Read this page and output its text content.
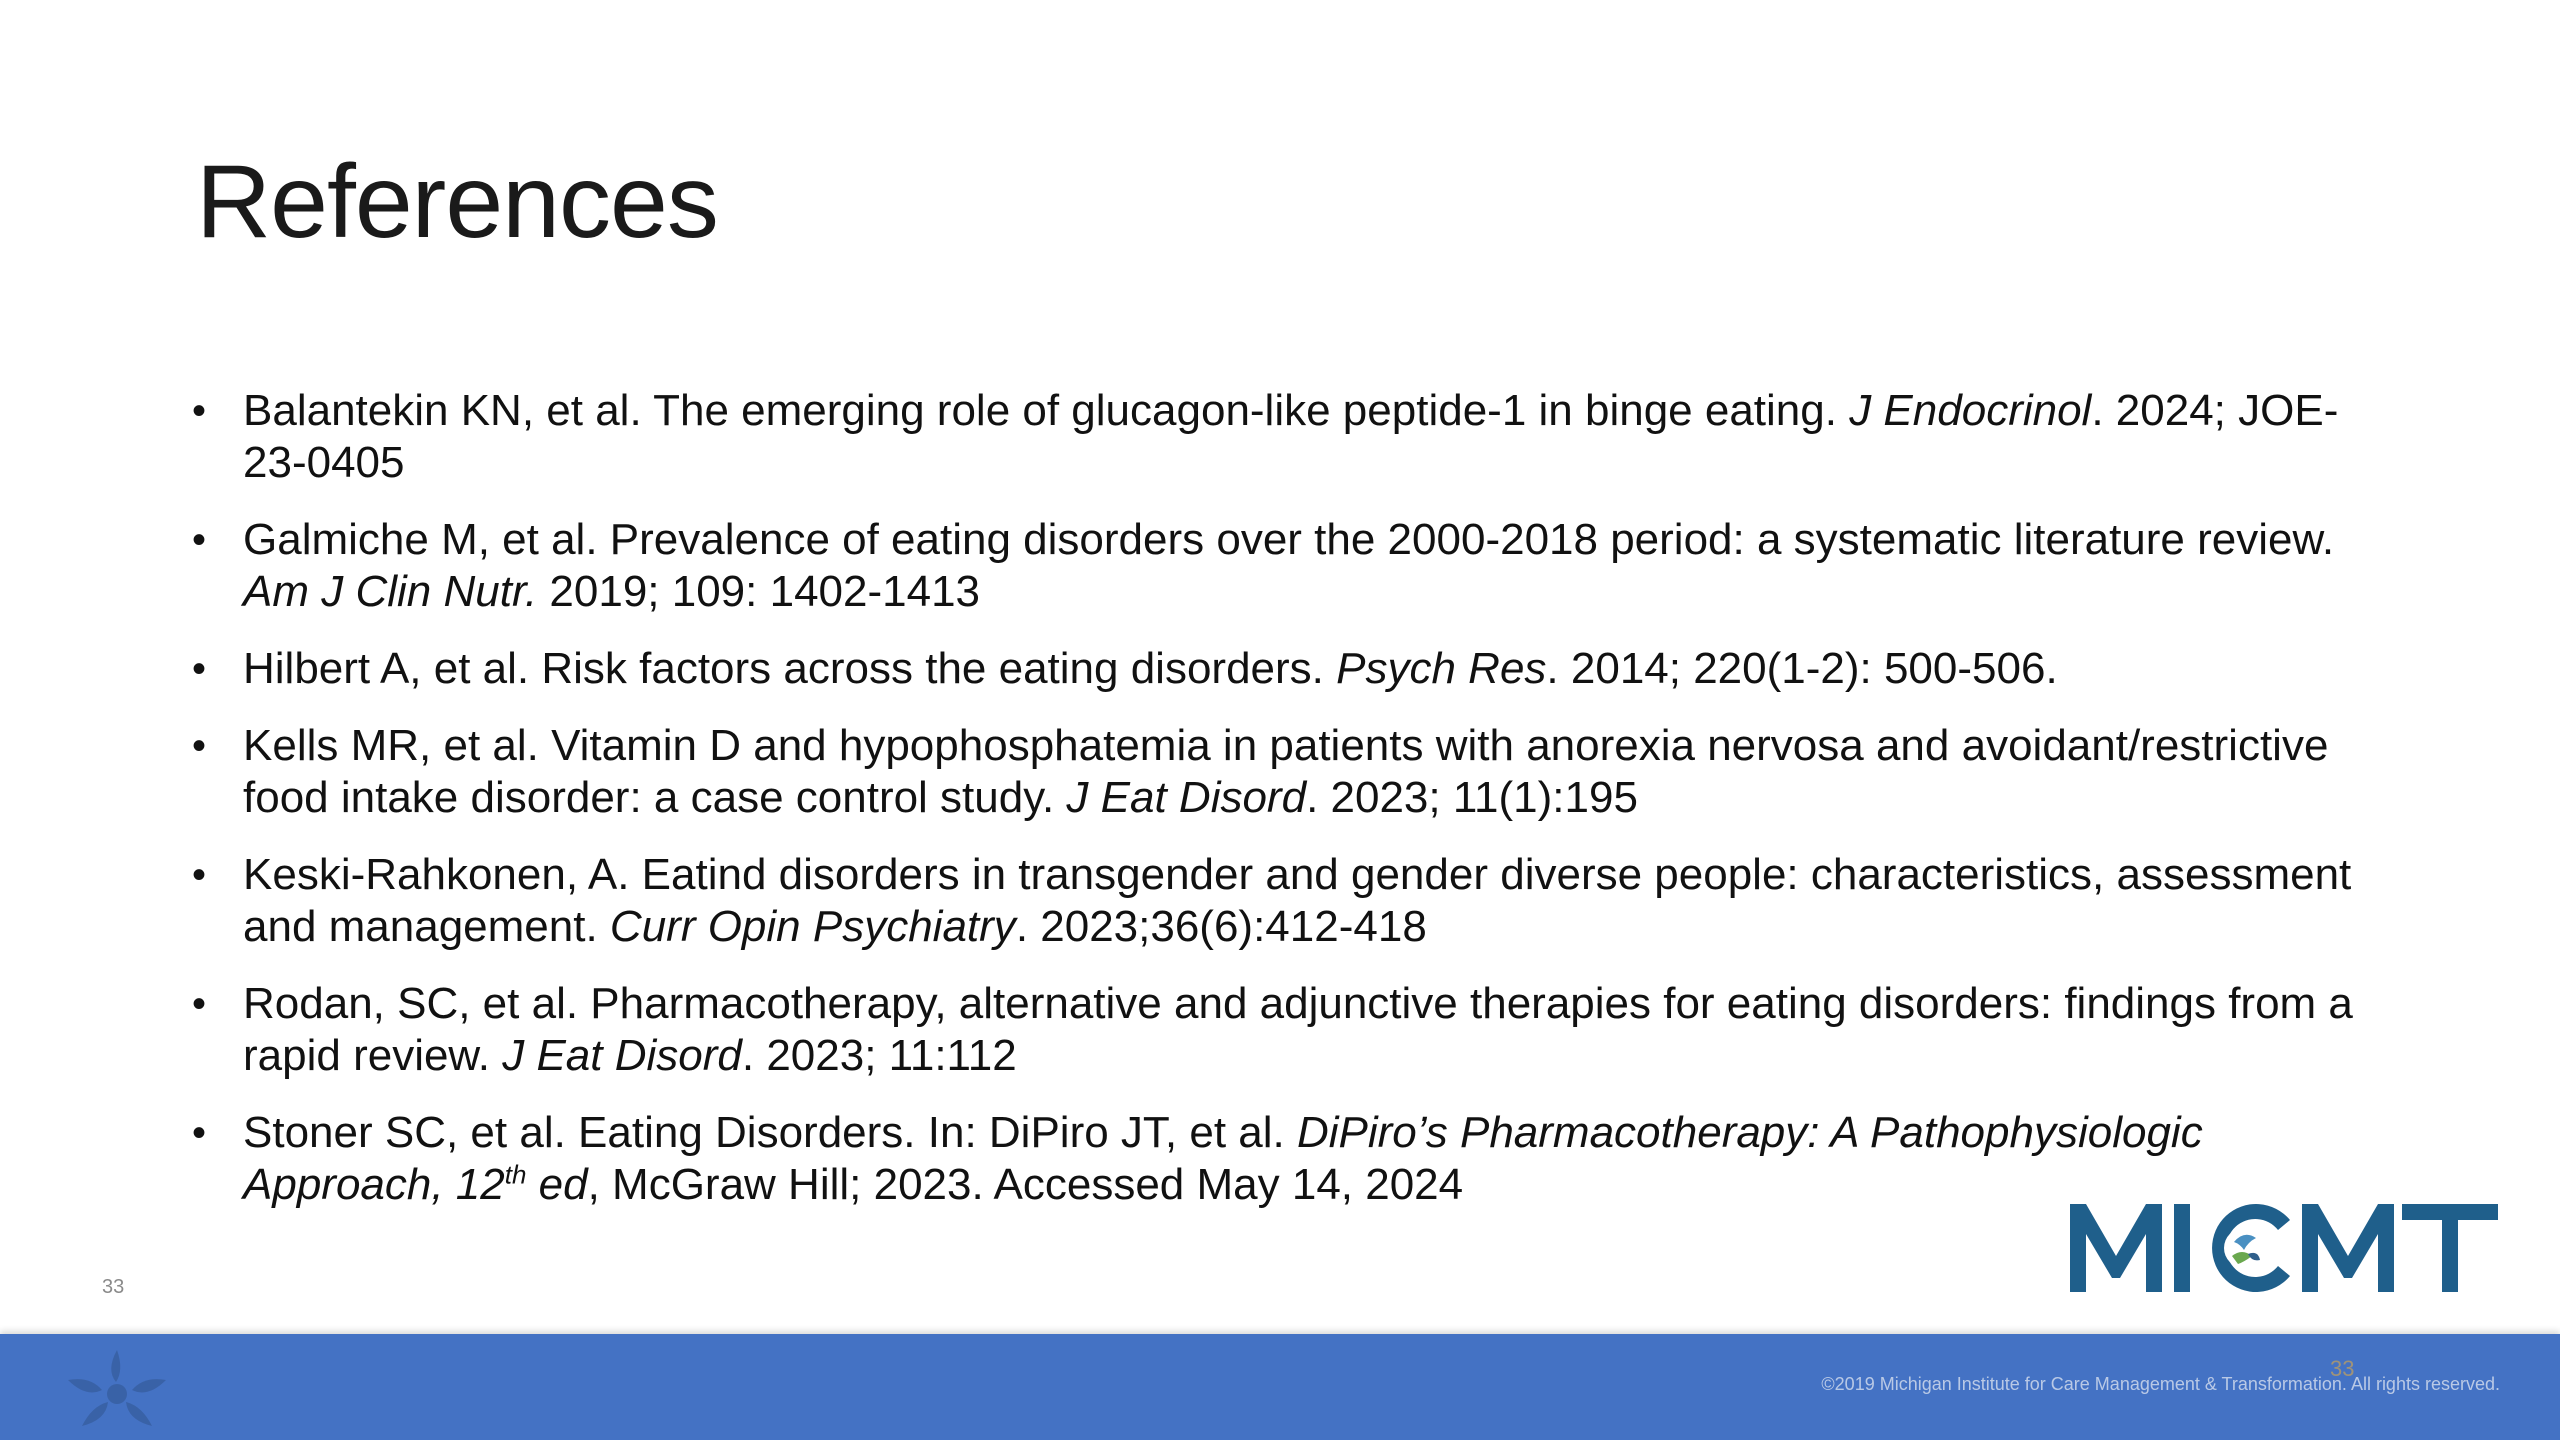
References
• Balantekin KN, et al. The emerging role of glucagon-like peptide-1 in binge eating. J Endocrinol. 2024; JOE-23-0405
• Galmiche M, et al. Prevalence of eating disorders over the 2000-2018 period: a systematic literature review. Am J Clin Nutr. 2019; 109: 1402-1413
• Hilbert A, et al. Risk factors across the eating disorders. Psych Res. 2014; 220(1-2): 500-506.
• Kells MR, et al. Vitamin D and hypophosphatemia in patients with anorexia nervosa and avoidant/restrictive food intake disorder: a case control study. J Eat Disord. 2023; 11(1):195
• Keski-Rahkonen, A. Eatind disorders in transgender and gender diverse people: characteristics, assessment and management. Curr Opin Psychiatry. 2023;36(6):412-418
• Rodan, SC, et al. Pharmacotherapy, alternative and adjunctive therapies for eating disorders: findings from a rapid review. J Eat Disord. 2023; 11:112
• Stoner SC, et al. Eating Disorders. In: DiPiro JT, et al. DiPiro’s Pharmacotherapy: A Pathophysiologic Approach, 12th ed, McGraw Hill; 2023. Accessed May 14, 2024
33
33
©2019 Michigan Institute for Care Management & Transformation. All rights reserved.
